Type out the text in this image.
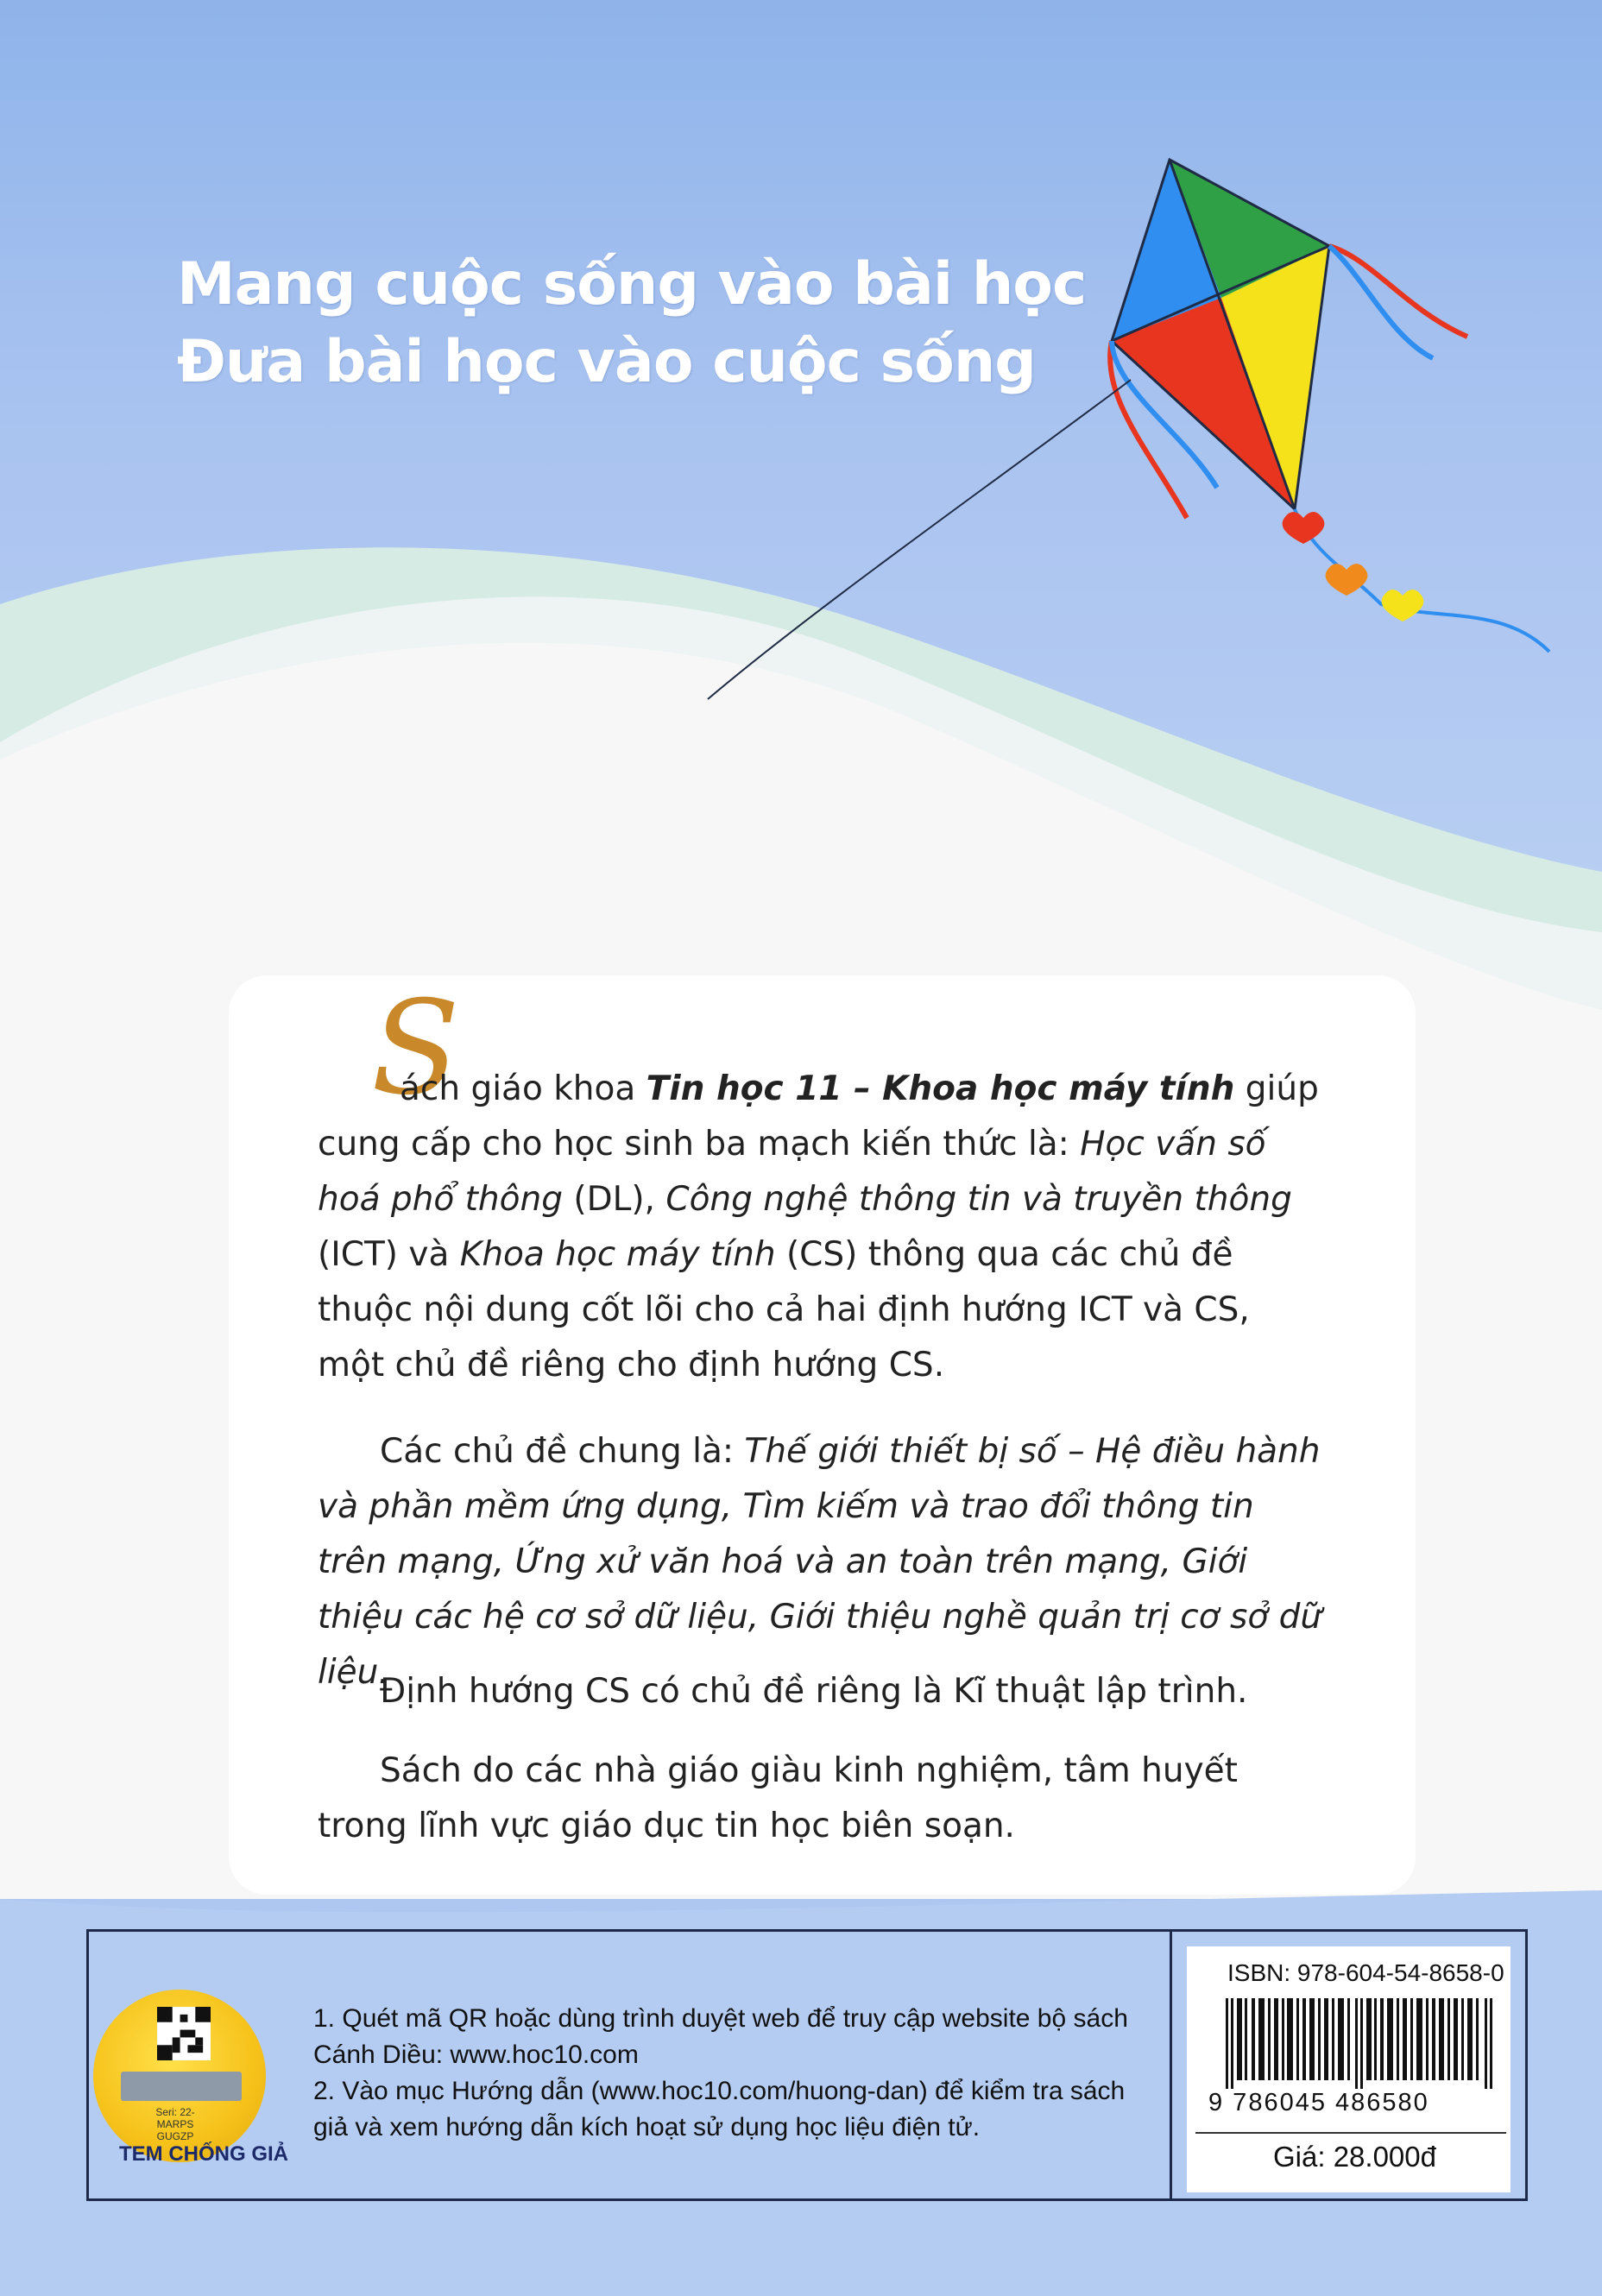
Mang cuộc sống vào bài học
Đưa bài học vào cuộc sống
S
ách giáo khoa Tin học 11 – Khoa học máy tính giúp cung cấp cho học sinh ba mạch kiến thức là: Học vấn số hoá phổ thông (DL), Công nghệ thông tin và truyền thông (ICT) và Khoa học máy tính (CS) thông qua các chủ đề thuộc nội dung cốt lõi cho cả hai định hướng ICT và CS, một chủ đề riêng cho định hướng CS.
Các chủ đề chung là: Thế giới thiết bị số – Hệ điều hành và phần mềm ứng dụng, Tìm kiếm và trao đổi thông tin trên mạng, Ứng xử văn hoá và an toàn trên mạng, Giới thiệu các hệ cơ sở dữ liệu, Giới thiệu nghề quản trị cơ sở dữ liệu.
Định hướng CS có chủ đề riêng là Kĩ thuật lập trình.
Sách do các nhà giáo giàu kinh nghiệm, tâm huyết trong lĩnh vực giáo dục tin học biên soạn.
Seri: 22-MARPS GUGZP
TEM CHỐNG GIẢ
1. Quét mã QR hoặc dùng trình duyệt web để truy cập website bộ sách Cánh Diều: www.hoc10.com
2. Vào mục Hướng dẫn (www.hoc10.com/huong-dan) để kiểm tra sách giả và xem hướng dẫn kích hoạt sử dụng học liệu điện tử.
ISBN: 978-604-54-8658-0
9 786045 486580
Giá: 28.000đ
